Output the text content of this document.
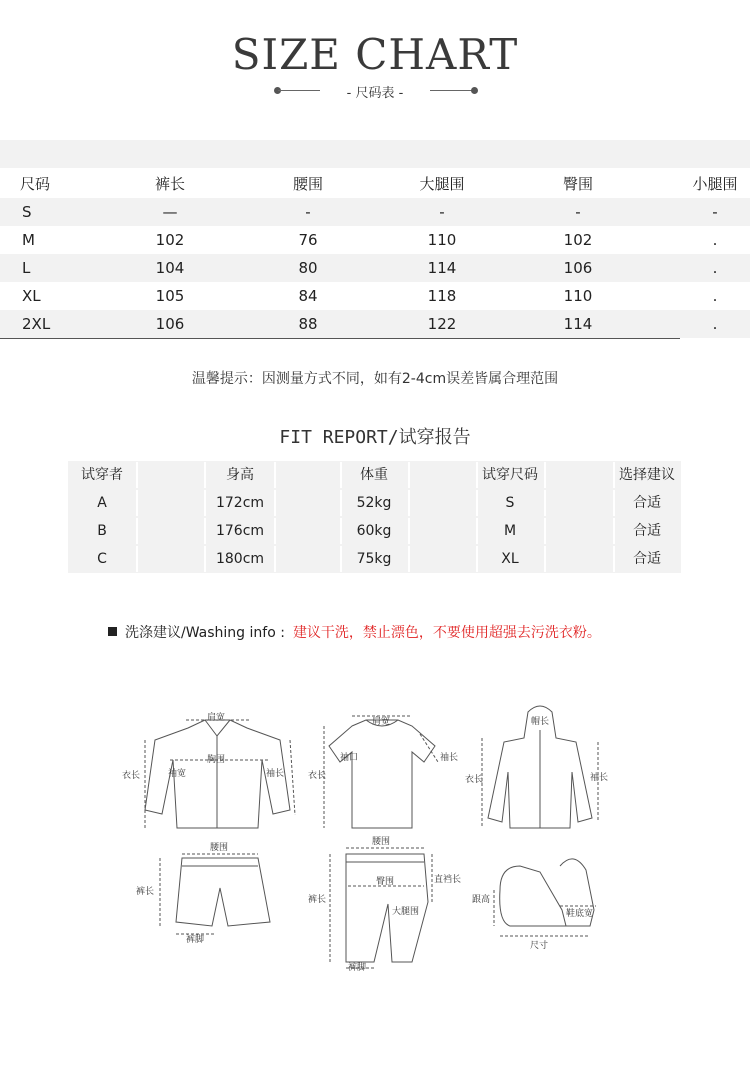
SIZE CHART
- 尺码表 -
尺码	裤长	腰围	大腿围	臀围	小腿围
S	—	-	-	-	-
M	102	76	110	102	.
L	104	80	114	106	.
XL	105	84	118	110	.
2XL	106	88	122	114	.
温馨提示：因测量方式不同，如有2-4cm误差皆属合理范围
FIT REPORT/试穿报告
试穿者	身高	体重	试穿尺码	选择建议
A	172cm	52kg	S	合适
B	176cm	60kg	M	合适
C	180cm	75kg	XL	合适
洗涤建议/Washing info : 建议干洗，禁止漂色，不要使用超强去污洗衣粉。
肩宽
胸围
衣长	袖宽	袖长
肩宽
袖口
衣长
袖长
帽长
衣长	袖长
腰围
裤长
裤脚
腰围
臀围	直裆长
裤长
大腿围
裤脚
跟高
鞋底宽
尺寸
